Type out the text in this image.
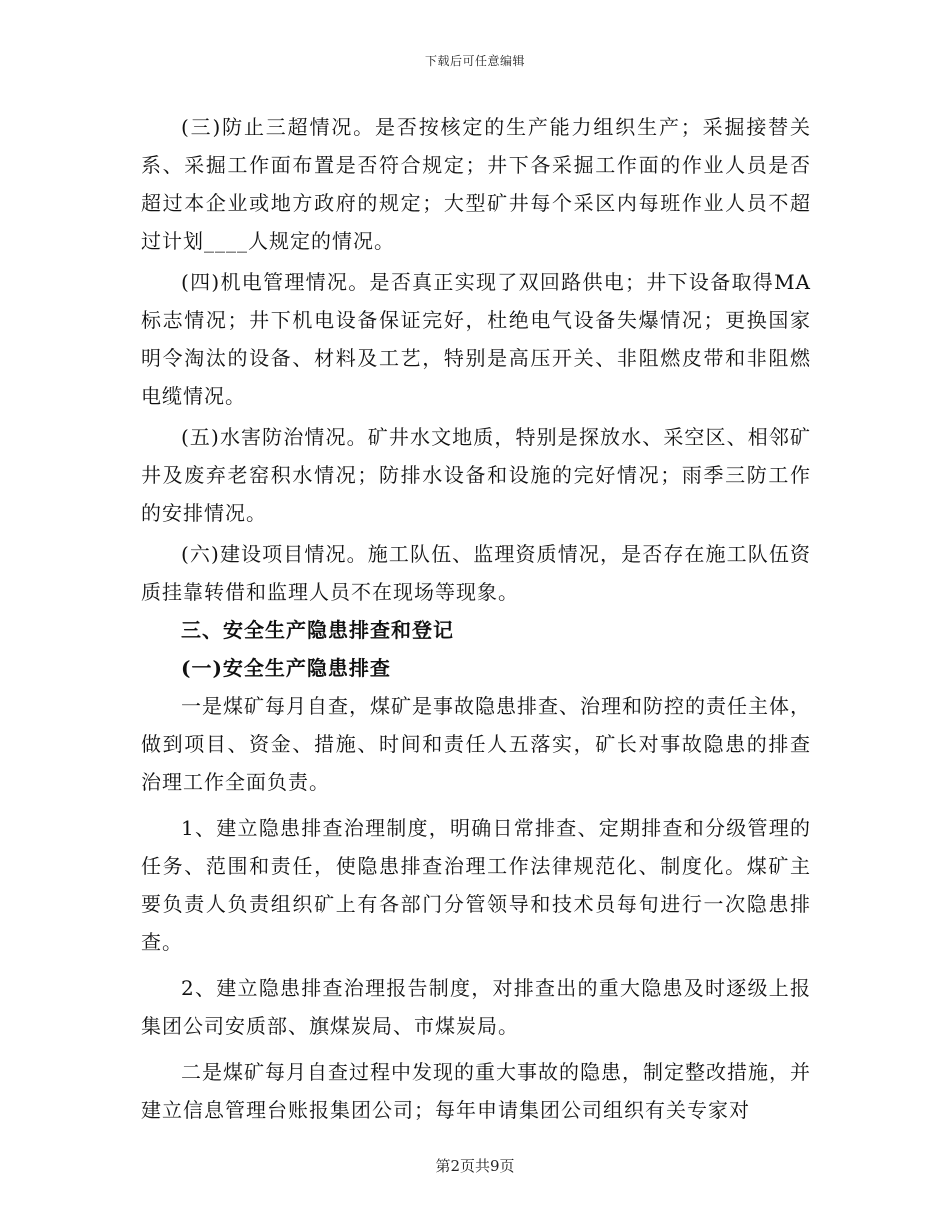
下载后可任意编辑

(三)防止三超情况。是否按核定的生产能力组织生产；采掘接替关系、采掘工作面布置是否符合规定；井下各采掘工作面的作业人员是否超过本企业或地方政府的规定；大型矿井每个采区内每班作业人员不超过计划____人规定的情况。

(四)机电管理情况。是否真正实现了双回路供电；井下设备取得MA标志情况；井下机电设备保证完好，杜绝电气设备失爆情况；更换国家明令淘汰的设备、材料及工艺，特别是高压开关、非阻燃皮带和非阻燃电缆情况。

(五)水害防治情况。矿井水文地质，特别是探放水、采空区、相邻矿井及废弃老窑积水情况；防排水设备和设施的完好情况；雨季三防工作的安排情况。

(六)建设项目情况。施工队伍、监理资质情况，是否存在施工队伍资质挂靠转借和监理人员不在现场等现象。

三、安全生产隐患排查和登记

(一)安全生产隐患排查

一是煤矿每月自查，煤矿是事故隐患排查、治理和防控的责任主体，做到项目、资金、措施、时间和责任人五落实，矿长对事故隐患的排查治理工作全面负责。

1、建立隐患排查治理制度，明确日常排查、定期排查和分级管理的任务、范围和责任，使隐患排查治理工作法律规范化、制度化。煤矿主要负责人负责组织矿上有各部门分管领导和技术员每旬进行一次隐患排查。

2、建立隐患排查治理报告制度，对排查出的重大隐患及时逐级上报集团公司安质部、旗煤炭局、市煤炭局。

二是煤矿每月自查过程中发现的重大事故的隐患，制定整改措施，并建立信息管理台账报集团公司；每年申请集团公司组织有关专家对

第2页共9页
